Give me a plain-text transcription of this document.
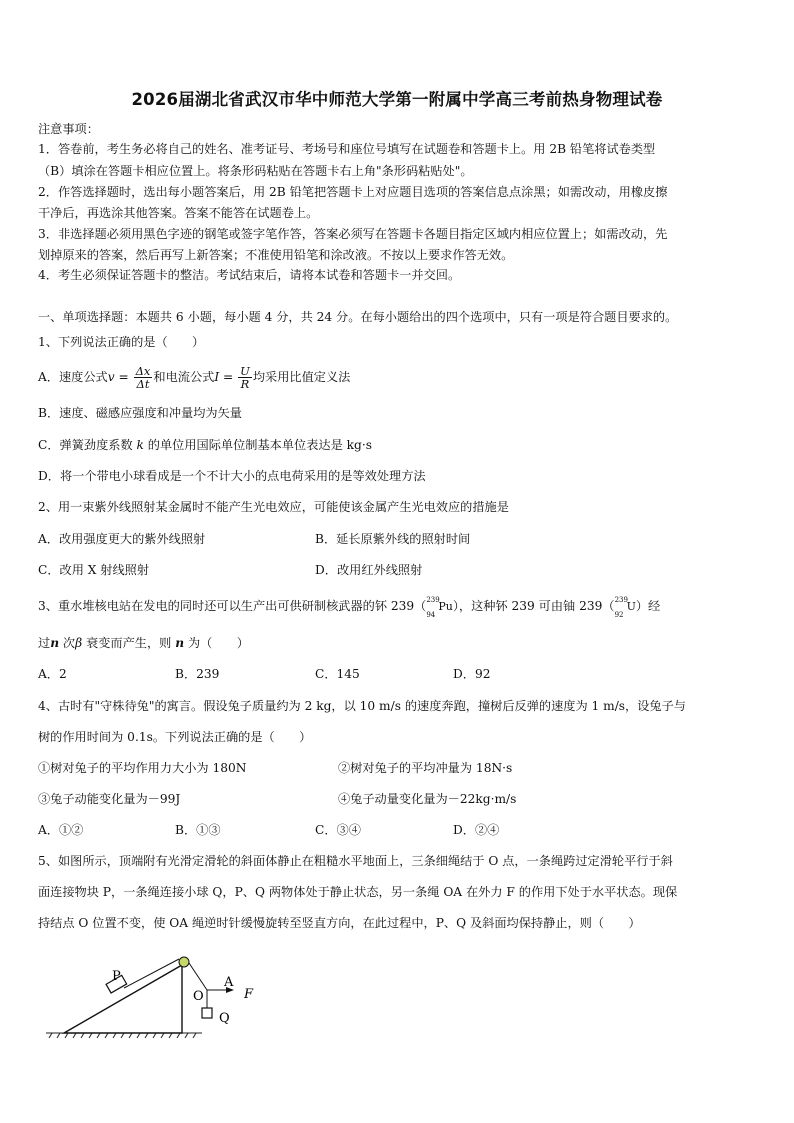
2026届湖北省武汉市华中师范大学第一附属中学高三考前热身物理试卷
注意事项：
1．答卷前，考生务必将自己的姓名、准考证号、考场号和座位号填写在试题卷和答题卡上。用 2B 铅笔将试卷类型
（B）填涂在答题卡相应位置上。将条形码粘贴在答题卡右上角"条形码粘贴处"。
2．作答选择题时，选出每小题答案后，用 2B 铅笔把答题卡上对应题目选项的答案信息点涂黑；如需改动，用橡皮擦
干净后，再选涂其他答案。答案不能答在试题卷上。
3．非选择题必须用黑色字迹的钢笔或签字笔作答，答案必须写在答题卡各题目指定区域内相应位置上；如需改动，先
划掉原来的答案，然后再写上新答案；不准使用铅笔和涂改液。不按以上要求作答无效。
4．考生必须保证答题卡的整洁。考试结束后，请将本试卷和答题卡一并交回。
一、单项选择题：本题共 6 小题，每小题 4 分，共 24 分。在每小题给出的四个选项中，只有一项是符合题目要求的。
1、下列说法正确的是（　　）
A．速度公式$v = \frac{\Delta x}{\Delta t}$ 和电流公式$I = \frac{U}{R}$ 均采用比值定义法
B．速度、磁感应强度和冲量均为矢量
C．弹簧劲度系数 k 的单位用国际单位制基本单位表达是 kg·s
D．将一个带电小球看成是一个不计大小的点电荷采用的是等效处理方法
2、用一束紫外线照射某金属时不能产生光电效应，可能使该金属产生光电效应的措施是
A．改用强度更大的紫外线照射	B．延长原紫外线的照射时间
C．改用 X 射线照射	D．改用红外线照射
3、重水堆核电站在发电的同时还可以生产出可供研制核武器的钚 239（ 239
94
Pu），这种钚 239 可由铀 239（ 239
92
U）经
过n 次β 衰变而产生，则 n 为（　　）
A．2	B．239	C．145	D．92
4、古时有"守株待兔"的寓言。假设兔子质量约为 2 kg，以 10 m/s 的速度奔跑，撞树后反弹的速度为 1 m/s，设兔子与
树的作用时间为 0.1s。下列说法正确的是（　　）
①树对兔子的平均作用力大小为 180N	②树对兔子的平均冲量为 18N·s
③兔子动能变化量为－99J	④兔子动量变化量为－22kg·m/s
A．①②	B．①③	C．③④	D．②④
5、如图所示，顶端附有光滑定滑轮的斜面体静止在粗糙水平地面上，三条细绳结于 O 点，一条绳跨过定滑轮平行于斜
面连接物块 P，一条绳连接小球 Q，P、Q 两物体处于静止状态，另一条绳 OA 在外力 F 的作用下处于水平状态。现保
持结点 O 位置不变，使 OA 绳逆时针缓慢旋转至竖直方向，在此过程中，P、Q 及斜面均保持静止，则（　　）
P
O
A
F
Q
